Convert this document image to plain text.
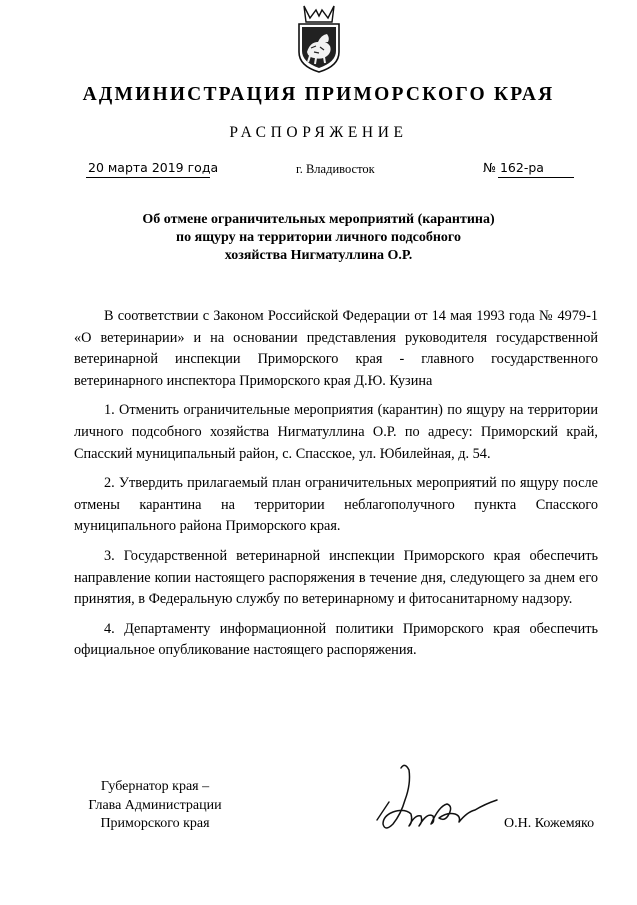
АДМИНИСТРАЦИЯ ПРИМОРСКОГО КРАЯ
РАСПОРЯЖЕНИЕ
20 марта 2019 года	г. Владивосток	№ 162-ра
Об отмене ограничительных мероприятий (карантина)
по ящуру на территории личного подсобного
хозяйства Нигматуллина О.Р.

В соответствии с Законом Российской Федерации от 14 мая 1993 года № 4979-1 «О ветеринарии» и на основании представления руководителя государственной ветеринарной инспекции Приморского края - главного государственного ветеринарного инспектора Приморского края Д.Ю. Кузина

1. Отменить ограничительные мероприятия (карантин) по ящуру на территории личного подсобного хозяйства Нигматуллина О.Р. по адресу: Приморский край, Спасский муниципальный район, с. Спасское, ул. Юбилейная, д. 54.

2. Утвердить прилагаемый план ограничительных мероприятий по ящуру после отмены карантина на территории неблагополучного пункта Спасского муниципального района Приморского края.

3. Государственной ветеринарной инспекции Приморского края обеспечить направление копии настоящего распоряжения в течение дня, следующего за днем его принятия, в Федеральную службу по ветеринарному и фитосанитарному надзору.

4. Департаменту информационной политики Приморского края обеспечить официальное опубликование настоящего распоряжения.

Губернатор края –
Глава Администрации
Приморского края	О.Н. Кожемяко
